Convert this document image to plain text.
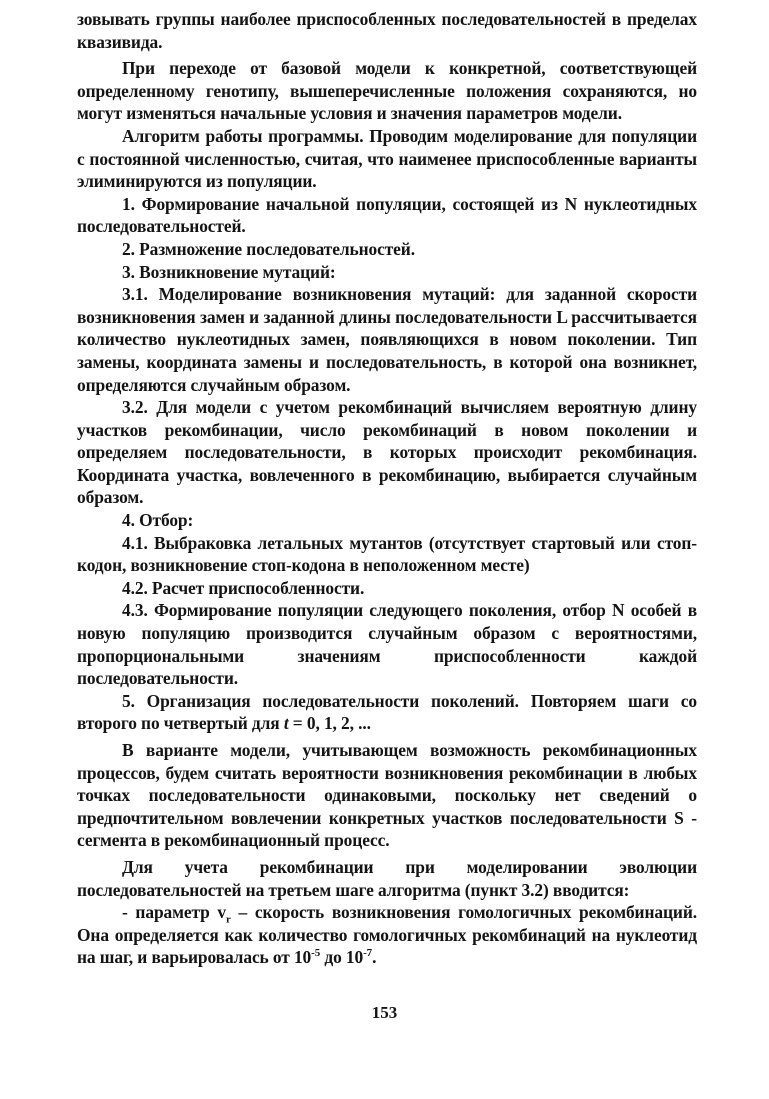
зовывать группы наиболее приспособленных последовательностей в пределах квазивида.

При переходе от базовой модели к конкретной, соответствующей определенному генотипу, вышеперечисленные положения сохраняются, но могут изменяться начальные условия и значения параметров модели.

Алгоритм работы программы. Проводим моделирование для популяции с постоянной численностью, считая, что наименее приспособленные варианты элиминируются из популяции.

1. Формирование начальной популяции, состоящей из N нуклеотидных последовательностей.

2. Размножение последовательностей.

3. Возникновение мутаций:

3.1. Моделирование возникновения мутаций: для заданной скорости возникновения замен и заданной длины последовательности L рассчитывается количество нуклеотидных замен, появляющихся в новом поколении. Тип замены, координата замены и последовательность, в которой она возникнет, определяются случайным образом.

3.2. Для модели с учетом рекомбинаций вычисляем вероятную длину участков рекомбинации, число рекомбинаций в новом поколении и определяем последовательности, в которых происходит рекомбинация. Координата участка, вовлеченного в рекомбинацию, выбирается случайным образом.

4. Отбор:

4.1. Выбраковка летальных мутантов (отсутствует стартовый или стоп-кодон, возникновение стоп-кодона в неположенном месте)

4.2. Расчет приспособленности.

4.3. Формирование популяции следующего поколения, отбор N особей в новую популяцию производится случайным образом с вероятностями, пропорциональными значениям приспособленности каждой последовательности.

5. Организация последовательности поколений. Повторяем шаги со второго по четвертый для t = 0, 1, 2, ...

В варианте модели, учитывающем возможность рекомбинационных процессов, будем считать вероятности возникновения рекомбинации в любых точках последовательности одинаковыми, поскольку нет сведений о предпочтительном вовлечении конкретных участков последовательности S - сегмента в рекомбинационный процесс.

Для учета рекомбинации при моделировании эволюции последовательностей на третьем шаге алгоритма (пункт 3.2) вводится:

- параметр $v_r$ – скорость возникновения гомологичных рекомбинаций. Она определяется как количество гомологичных рекомбинаций на нуклеотид на шаг, и варьировалась от $10^{-5}$ до $10^{-7}$.

153
